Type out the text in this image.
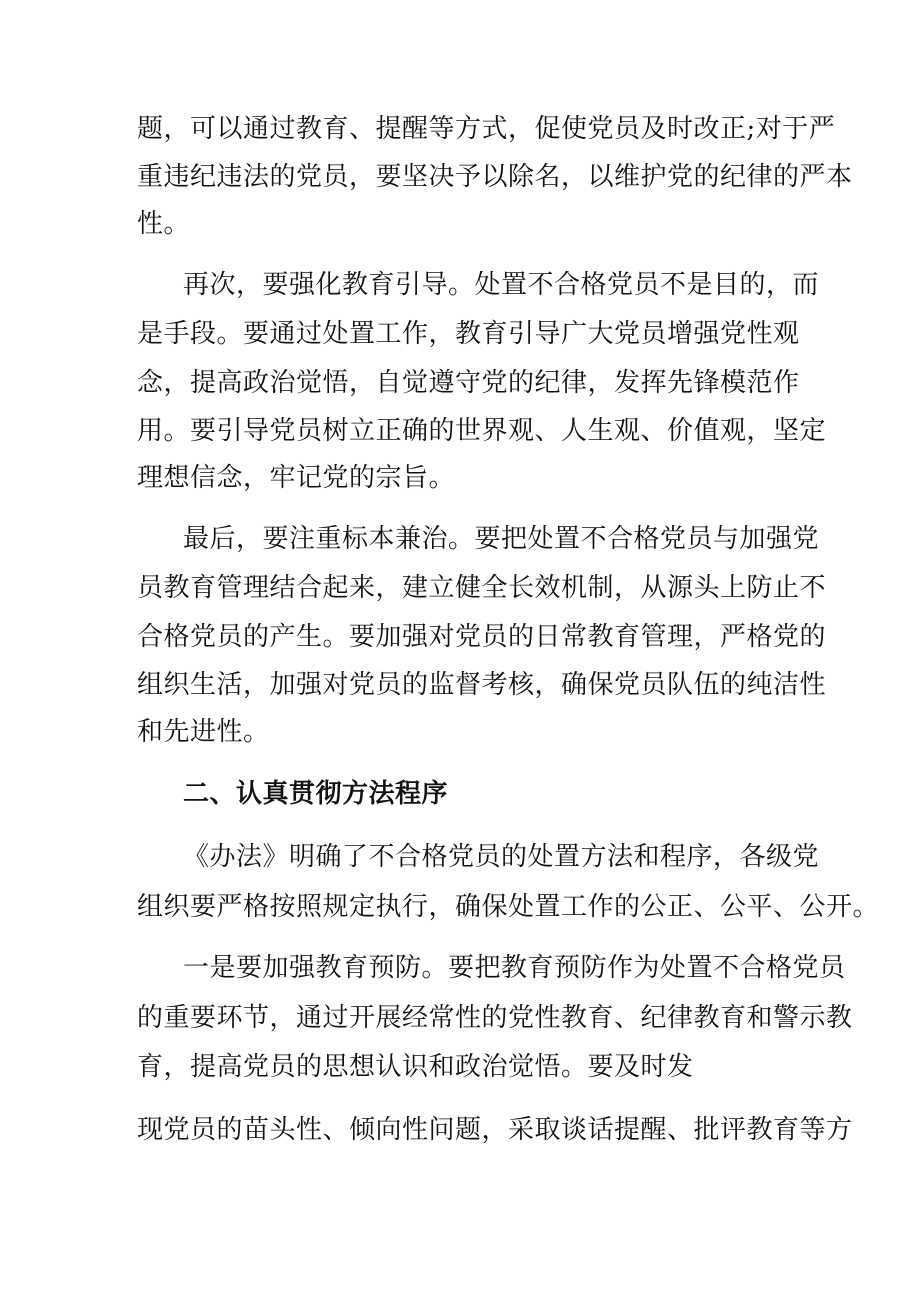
题，可以通过教育、提醒等方式，促使党员及时改正;对于严
重违纪违法的党员，要坚决予以除名，以维护党的纪律的严本
性。
再次，要强化教育引导。处置不合格党员不是目的，而
是手段。要通过处置工作，教育引导广大党员增强党性观
念，提高政治觉悟，自觉遵守党的纪律，发挥先锋模范作
用。要引导党员树立正确的世界观、人生观、价值观，坚定
理想信念，牢记党的宗旨。
最后，要注重标本兼治。要把处置不合格党员与加强党
员教育管理结合起来，建立健全长效机制，从源头上防止不
合格党员的产生。要加强对党员的日常教育管理，严格党的
组织生活，加强对党员的监督考核，确保党员队伍的纯洁性
和先进性。
二、认真贯彻方法程序
《办法》明确了不合格党员的处置方法和程序，各级党
组织要严格按照规定执行，确保处置工作的公正、公平、公开。
一是要加强教育预防。要把教育预防作为处置不合格党员
的重要环节，通过开展经常性的党性教育、纪律教育和警示教
育，提高党员的思想认识和政治觉悟。要及时发
现党员的苗头性、倾向性问题，采取谈话提醒、批评教育等方
